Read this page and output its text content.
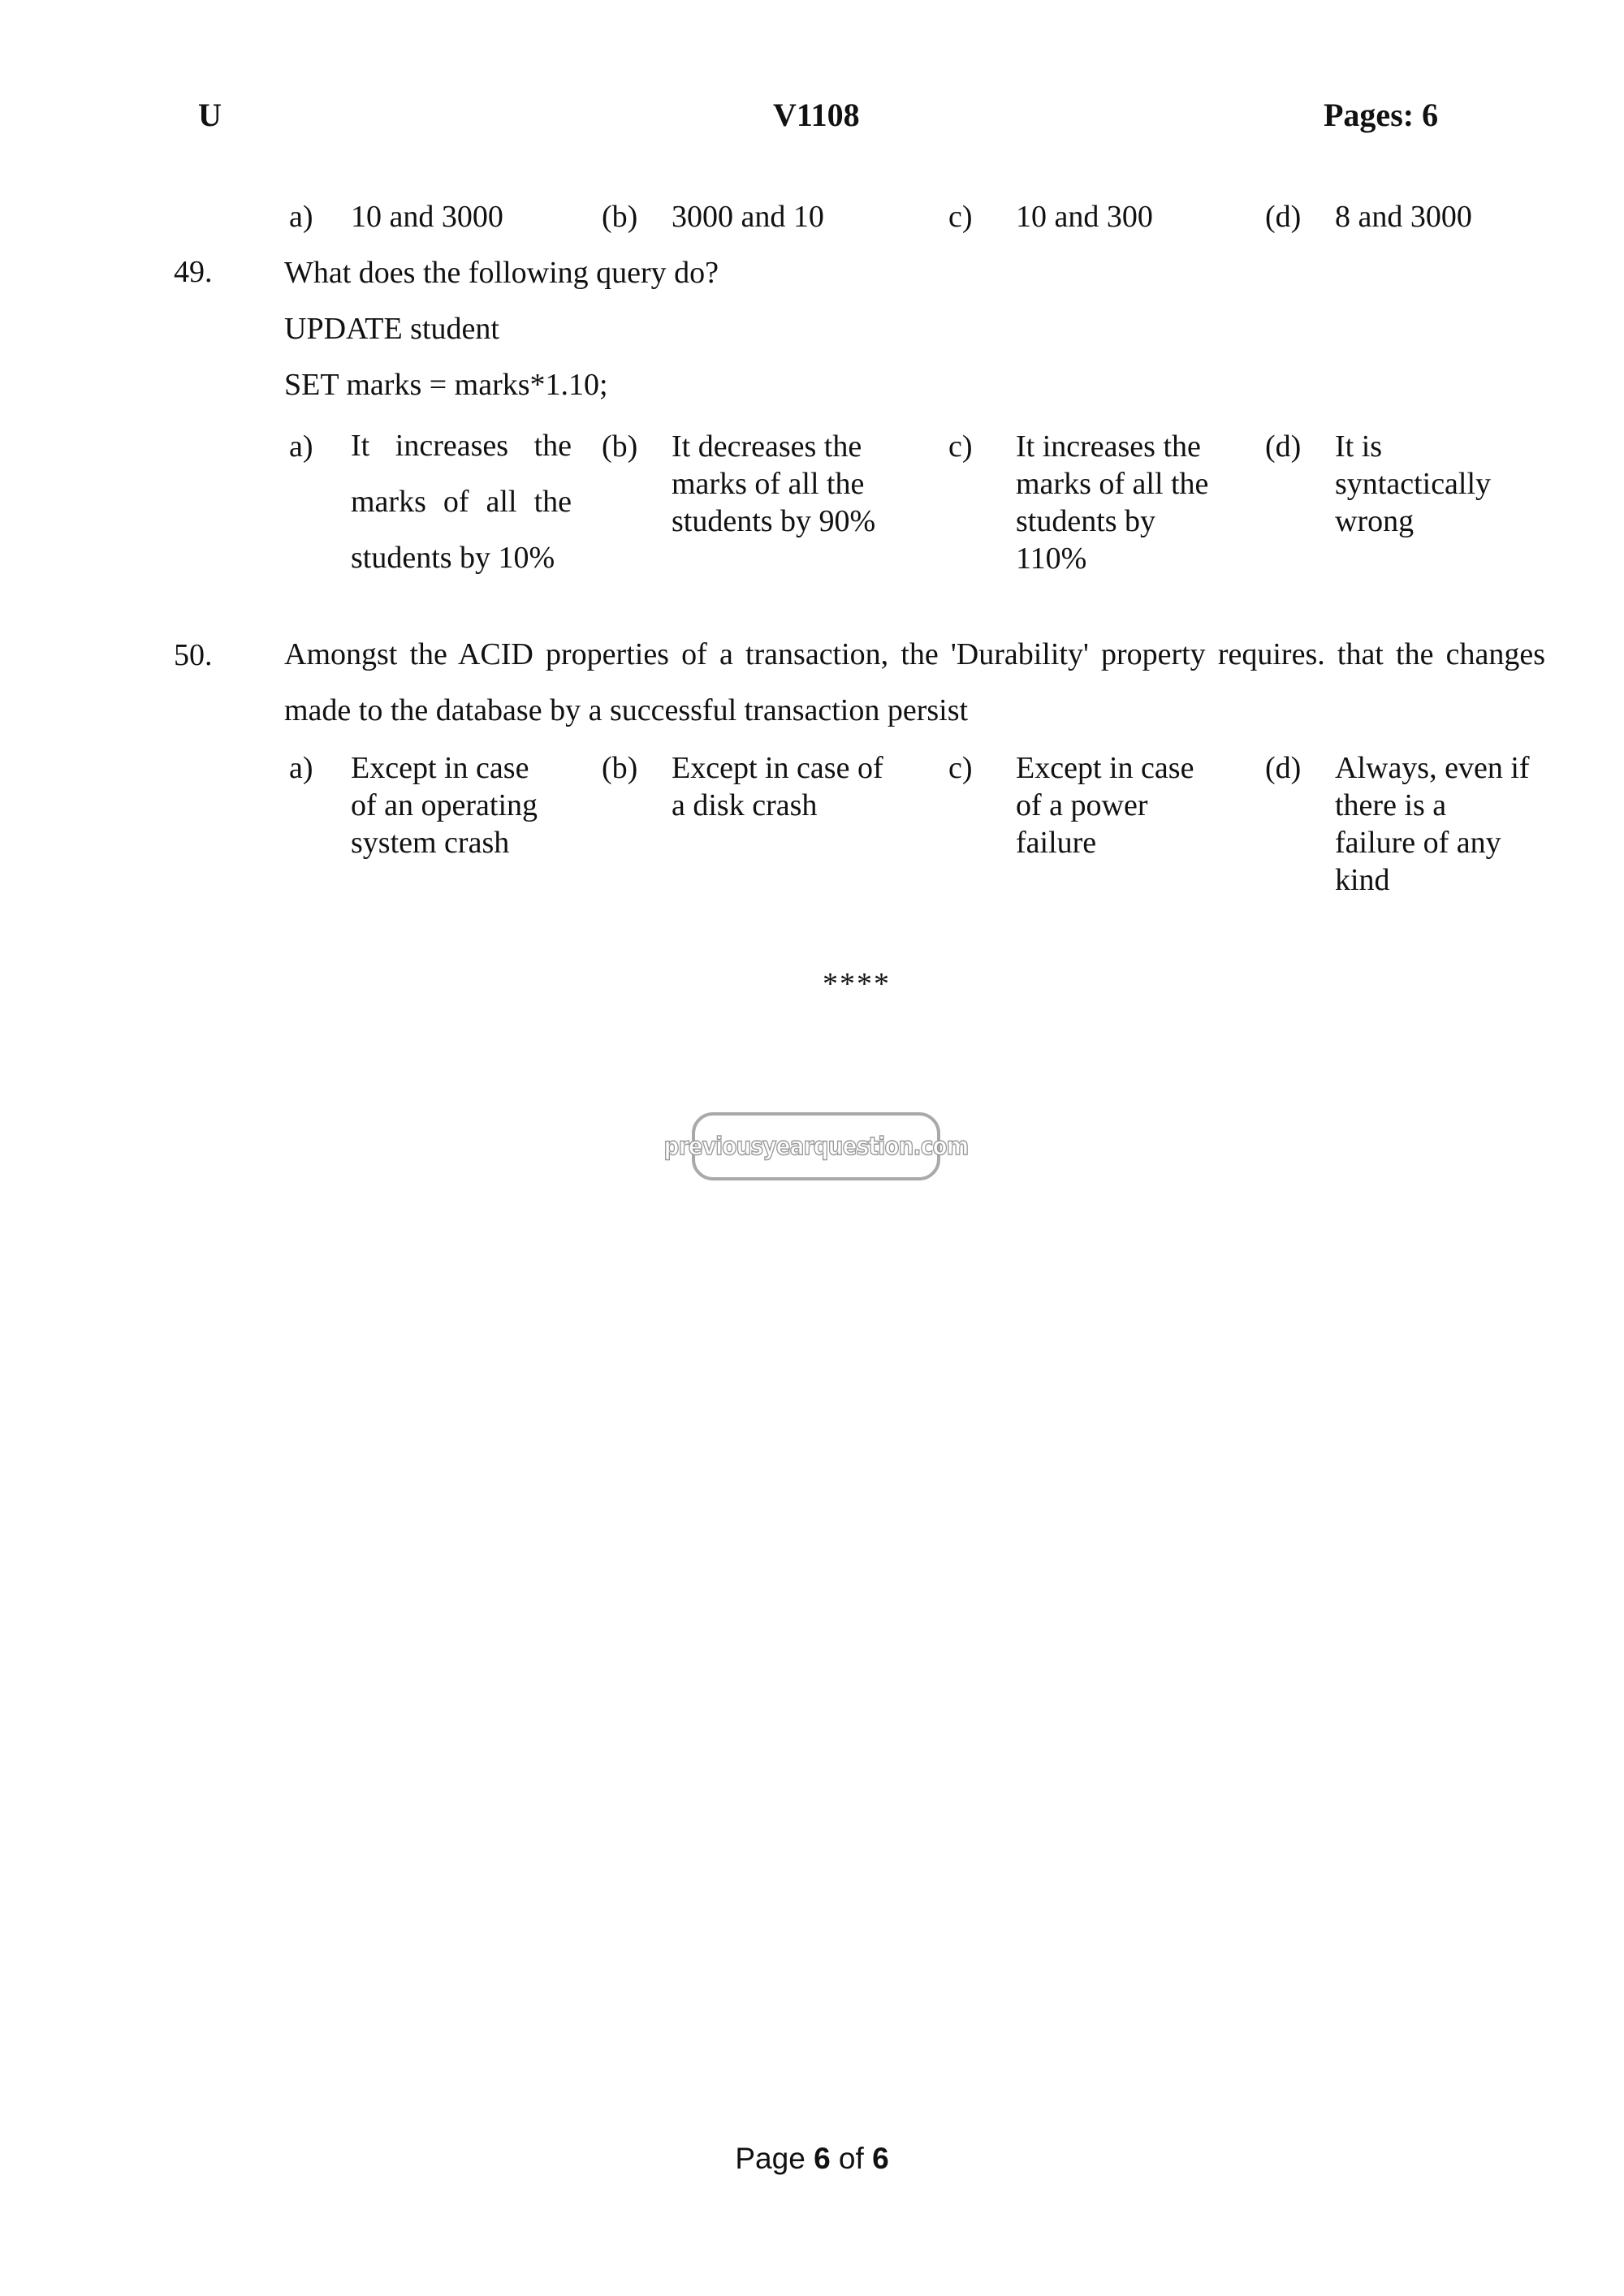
U	V1108	Pages: 6
a) 10 and 3000	(b) 3000 and 10	c) 10 and 300	(d) 8 and 3000
49. What does the following query do?
UPDATE student
SET marks = marks*1.10;
a) It increases the
marks of all the
students by 10%
(b) It decreases the
marks of all the
students by 90%
c) It increases the
marks of all the
students by
110%
(d) It is
syntactically
wrong
50. Amongst the ACID properties of a transaction, the 'Durability' property requires. that the changes made to the database by a successful transaction persist
a) Except in case
of an operating
system crash
(b) Except in case of
a disk crash
c) Except in case
of a power
failure
(d) Always, even if
there is a
failure of any
kind
****
previousyearquestion.com
Page 6 of 6
